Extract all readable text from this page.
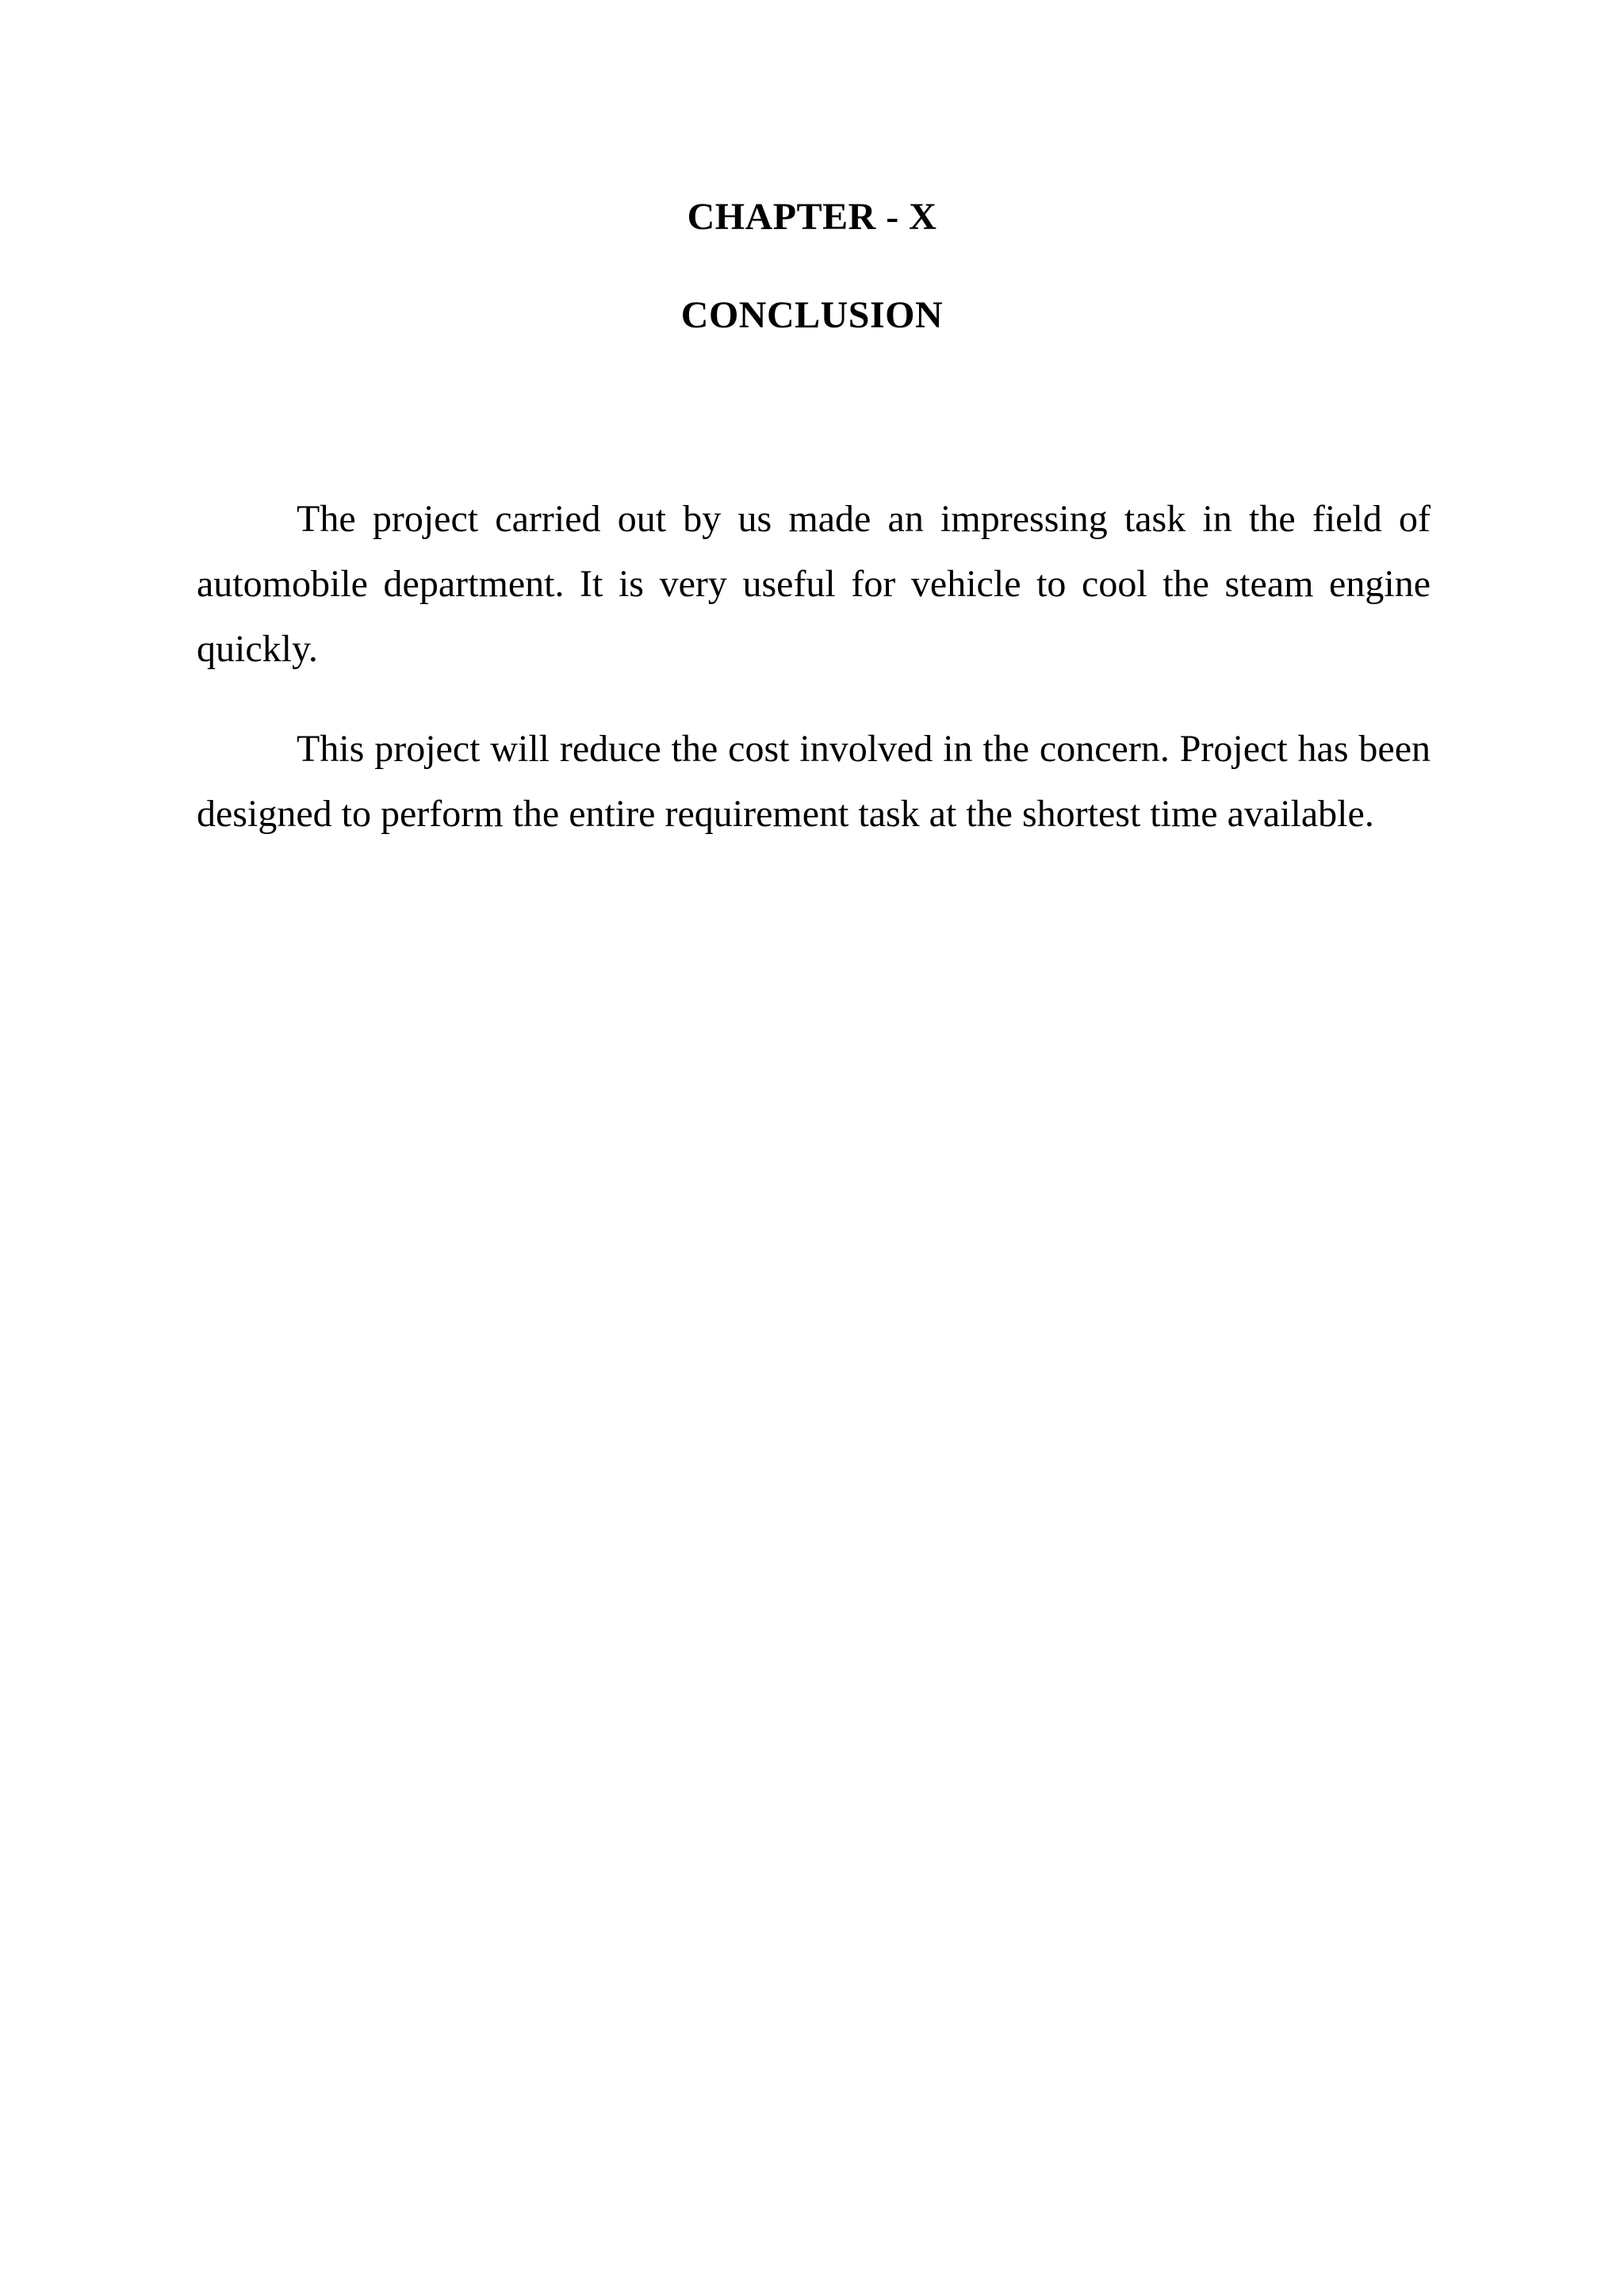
CHAPTER - X
CONCLUSION

The project carried out by us made an impressing task in the field of automobile department. It is very useful for vehicle to cool the steam engine quickly.

This project will reduce the cost involved in the concern. Project has been designed to perform the entire requirement task at the shortest time available.
